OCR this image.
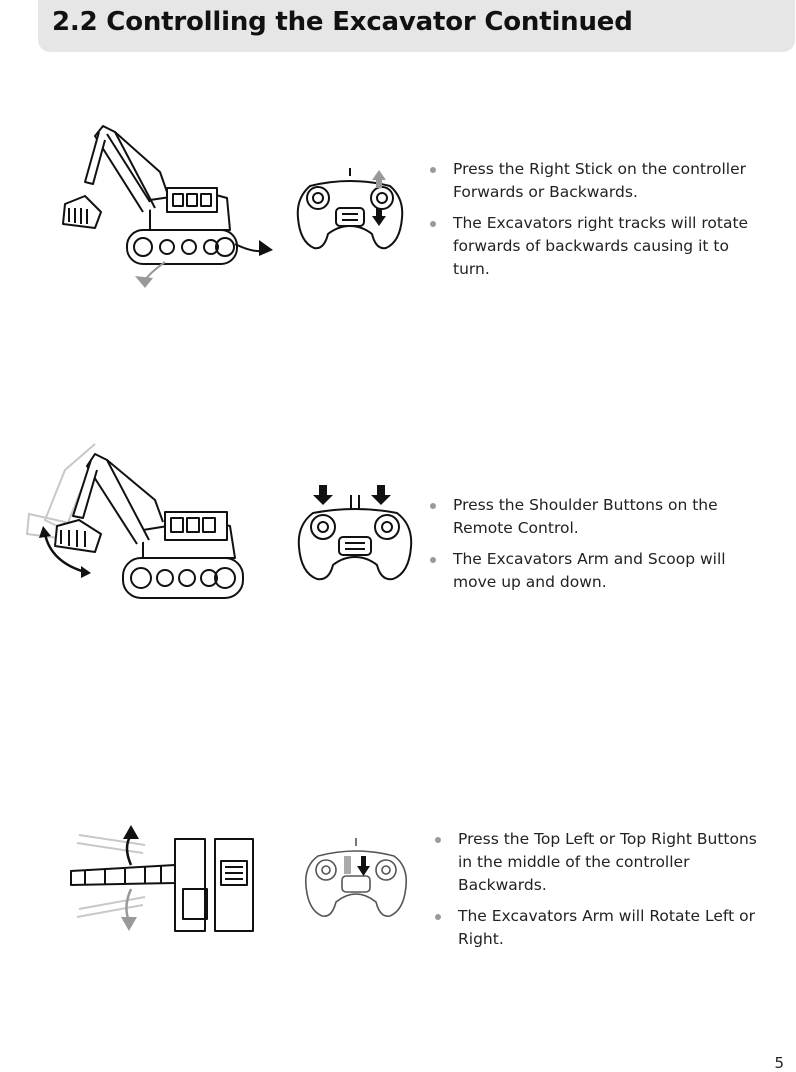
2.2 Controlling the Excavator Continued
Press the Right Stick on the controller Forwards or Backwards.
The Excavators right tracks will rotate forwards of backwards causing it to turn.
Press the Shoulder Buttons on the Remote Control.
The Excavators Arm and Scoop will move up and down.
Press the Top Left or Top Right Buttons in the middle of the controller Backwards.
The Excavators Arm will Rotate Left or Right.
5
